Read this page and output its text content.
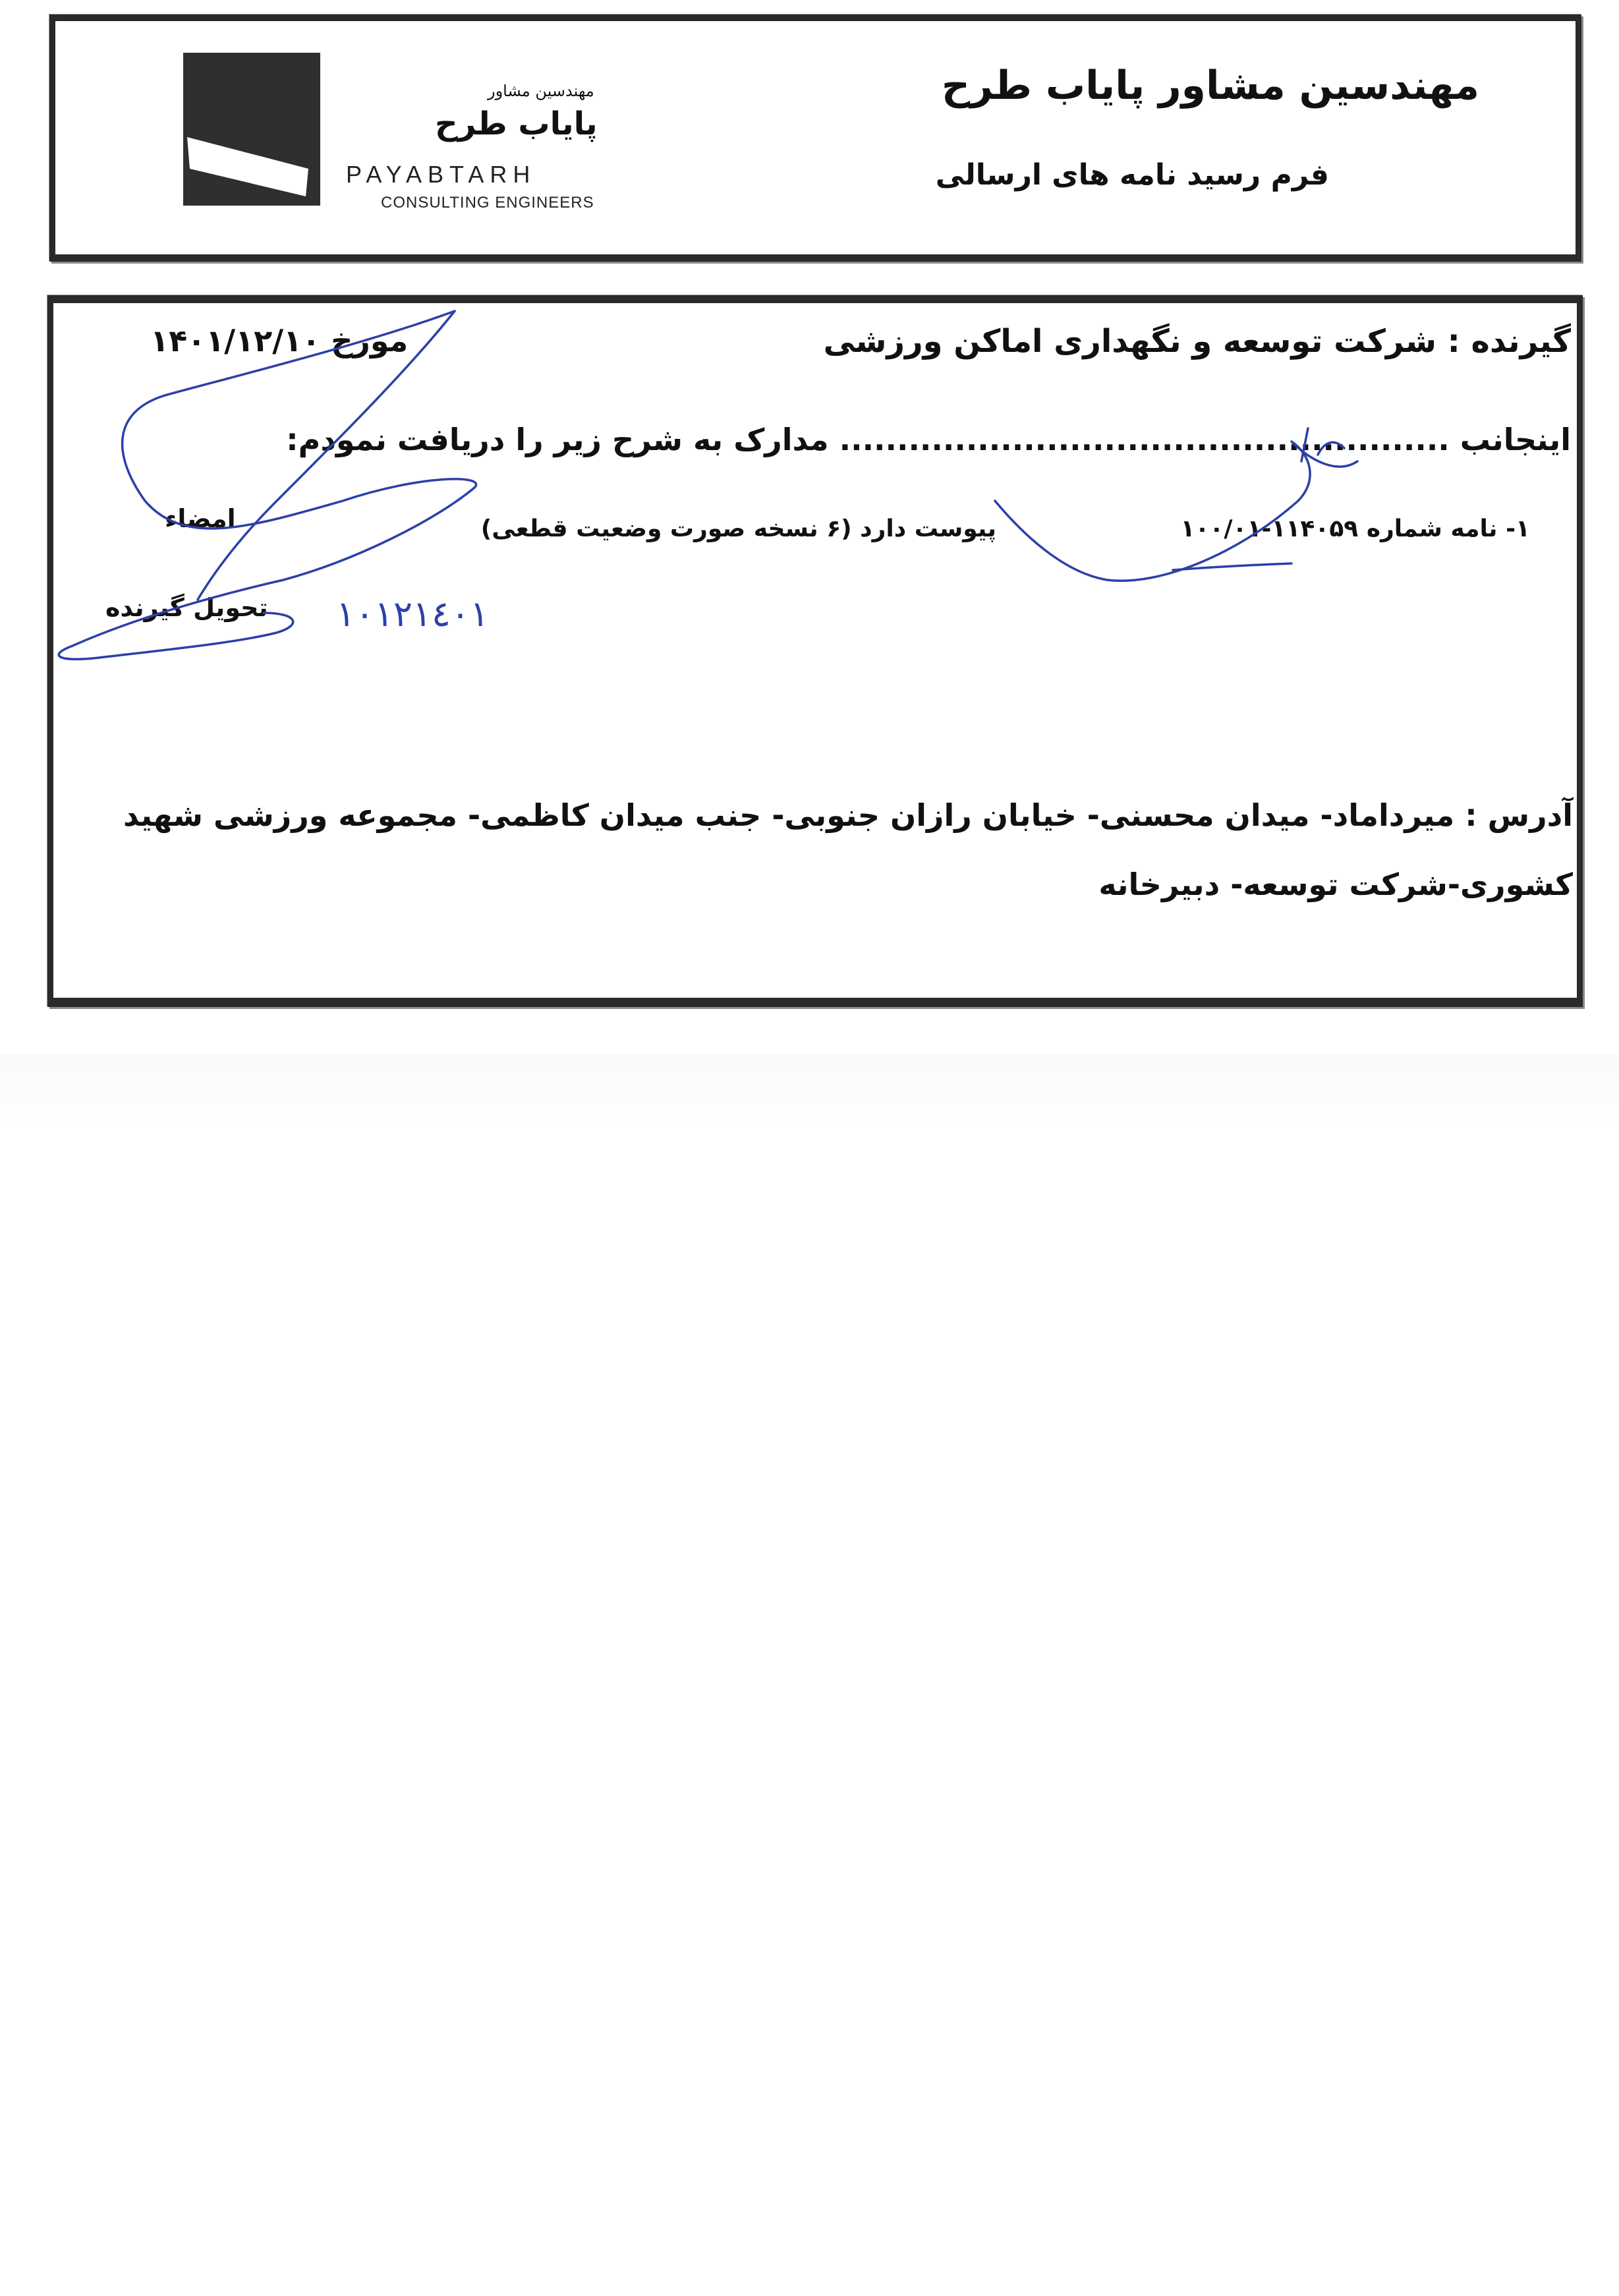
مهندسین مشاور
پایاب طرح
PAYABTARH
CONSULTING ENGINEERS
مهندسین مشاور پایاب طرح
فرم رسید نامه های ارسالی
گیرنده : شرکت توسعه و نگهداری اماکن ورزشی
مورخ ۱۴۰۱/۱۲/۱۰
اینجانب ..................................................... مدارک به شرح زیر را دریافت نمودم:
۱- نامه شماره ۱۱۴۰۵۹-۱۰۰/۰۱
پیوست دارد (۶ نسخه صورت وضعیت قطعی)
امضاء
تحویل گیرنده
آدرس : میرداماد- میدان محسنی- خیابان رازان جنوبی- جنب میدان کاظمی- مجموعه ورزشی شهید
کشوری-شرکت توسعه- دبیرخانه
١٠١٢١٤٠١
